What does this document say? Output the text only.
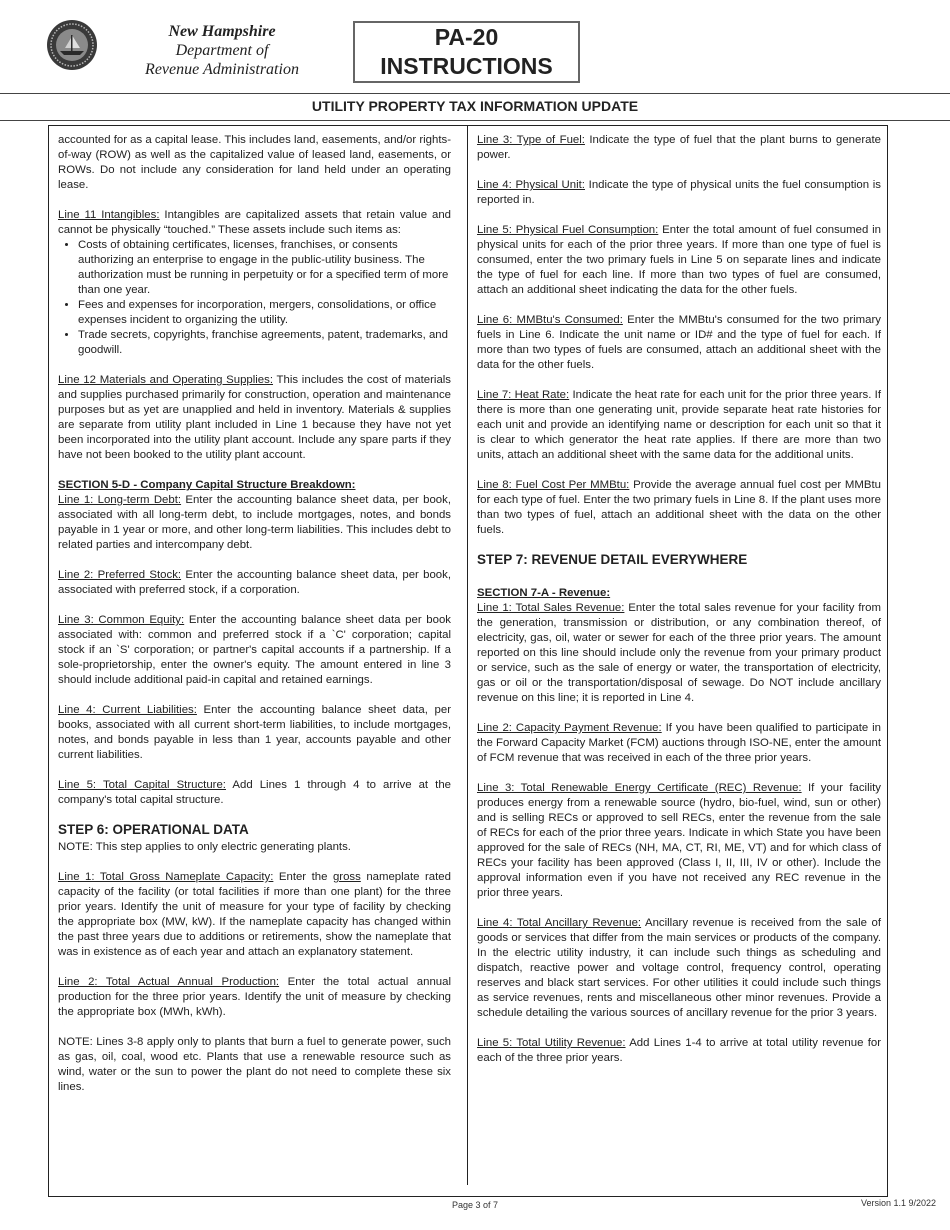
New Hampshire
Department of
Revenue Administration
PA-20
INSTRUCTIONS
UTILITY PROPERTY TAX INFORMATION UPDATE

accounted for as a capital lease. This includes land, easements, and/or rights-of-way (ROW) as well as the capitalized value of leased land, easements, or ROWs. Do not include any consideration for land held under an operating lease.

Line 11 Intangibles: Intangibles are capitalized assets that retain value and cannot be physically “touched.” These assets include such items as:

• Costs of obtaining certificates, licenses, franchises, or consents authorizing an enterprise to engage in the public-utility business. The authorization must be running in perpetuity or for a specified term of more than one year.
• Fees and expenses for incorporation, mergers, consolidations, or office expenses incident to organizing the utility.
• Trade secrets, copyrights, franchise agreements, patent, trademarks, and goodwill.

Line 12 Materials and Operating Supplies: This includes the cost of materials and supplies purchased primarily for construction, operation and maintenance purposes but as yet are unapplied and held in inventory. Materials & supplies are separate from utility plant included in Line 1 because they have not yet been incorporated into the utility plant account. Include any spare parts if they have not been booked to the utility plant account.

SECTION 5-D - Company Capital Structure Breakdown:

Line 1: Long-term Debt: Enter the accounting balance sheet data, per book, associated with all long-term debt, to include mortgages, notes, and bonds payable in 1 year or more, and other long-term liabilities. This includes debt to related parties and intercompany debt.

Line 2: Preferred Stock: Enter the accounting balance sheet data, per book, associated with preferred stock, if a corporation.

Line 3: Common Equity: Enter the accounting balance sheet data per book associated with: common and preferred stock if a `C' corporation; capital stock if an `S' corporation; or partner's capital accounts if a partnership. If a sole-proprietorship, enter the owner's equity. The amount entered in line 3 should include additional paid-in capital and retained earnings.

Line 4: Current Liabilities: Enter the accounting balance sheet data, per books, associated with all current short-term liabilities, to include mortgages, notes, and bonds payable in less than 1 year, accounts payable and other current liabilities.

Line 5: Total Capital Structure: Add Lines 1 through 4 to arrive at the company's total capital structure.

STEP 6: OPERATIONAL DATA

NOTE: This step applies to only electric generating plants.

Line 1: Total Gross Nameplate Capacity: Enter the gross nameplate rated capacity of the facility (or total facilities if more than one plant) for the three prior years. Identify the unit of measure for your type of facility by checking the appropriate box (MW, kW). If the nameplate capacity has changed within the past three years due to additions or retirements, show the nameplate that was in existence as of each year and attach an explanatory statement.

Line 2: Total Actual Annual Production: Enter the total actual annual production for the three prior years. Identify the unit of measure by checking the appropriate box (MWh, kWh).

NOTE: Lines 3-8 apply only to plants that burn a fuel to generate power, such as gas, oil, coal, wood etc. Plants that use a renewable resource such as wind, water or the sun to power the plant do not need to complete these six lines.

Line 3: Type of Fuel: Indicate the type of fuel that the plant burns to generate power.

Line 4: Physical Unit: Indicate the type of physical units the fuel consumption is reported in.

Line 5: Physical Fuel Consumption: Enter the total amount of fuel consumed in physical units for each of the prior three years. If more than one type of fuel is consumed, enter the two primary fuels in Line 5 on separate lines and indicate the type of fuel for each line. If more than two types of fuel are consumed, attach an additional sheet indicating the data for the other fuels.

Line 6: MMBtu's Consumed: Enter the MMBtu's consumed for the two primary fuels in Line 6. Indicate the unit name or ID# and the type of fuel for each. If more than two types of fuels are consumed, attach an additional sheet with the data for the other fuels.

Line 7: Heat Rate: Indicate the heat rate for each unit for the prior three years. If there is more than one generating unit, provide separate heat rate histories for each unit and provide an identifying name or description for each unit so that it is clear to which generator the heat rate applies. If there are more than two units, attach an additional sheet with the same data for the additional units.

Line 8: Fuel Cost Per MMBtu: Provide the average annual fuel cost per MMBtu for each type of fuel. Enter the two primary fuels in Line 8. If the plant uses more than two types of fuel, attach an additional sheet with the data on the other fuels.

STEP 7: REVENUE DETAIL EVERYWHERE

SECTION 7-A - Revenue:

Line 1: Total Sales Revenue: Enter the total sales revenue for your facility from the generation, transmission or distribution, or any combination thereof, of electricity, gas, oil, water or sewer for each of the three prior years. The amount reported on this line should include only the revenue from your primary product or service, such as the sale of energy or water, the transportation of electricity, gas or oil or the transportation/disposal of sewage. Do NOT include ancillary revenue on this line; it is reported in Line 4.

Line 2: Capacity Payment Revenue: If you have been qualified to participate in the Forward Capacity Market (FCM) auctions through ISO-NE, enter the amount of FCM revenue that was received in each of the three prior years.

Line 3: Total Renewable Energy Certificate (REC) Revenue: If your facility produces energy from a renewable source (hydro, bio-fuel, wind, sun or other) and is selling RECs or approved to sell RECs, enter the revenue from the sale of RECs for each of the prior three years. Indicate in which State you have been approved for the sale of RECs (NH, MA, CT, RI, ME, VT) and for which class of RECs your facility has been approved (Class I, II, III, IV or other). Include the approval information even if you have not received any REC revenue in the prior three years.

Line 4: Total Ancillary Revenue: Ancillary revenue is received from the sale of goods or services that differ from the main services or products of the company. In the electric utility industry, it can include such things as scheduling and dispatch, reactive power and voltage control, frequency control, operating reserves and black start services. For other utilities it could include such things as service revenues, rents and miscellaneous other minor revenues. Provide a schedule detailing the various sources of ancillary revenue for the prior 3 years.

Line 5: Total Utility Revenue: Add Lines 1-4 to arrive at total utility revenue for each of the three prior years.

Page 3 of 7	Version 1.1 9/2022
